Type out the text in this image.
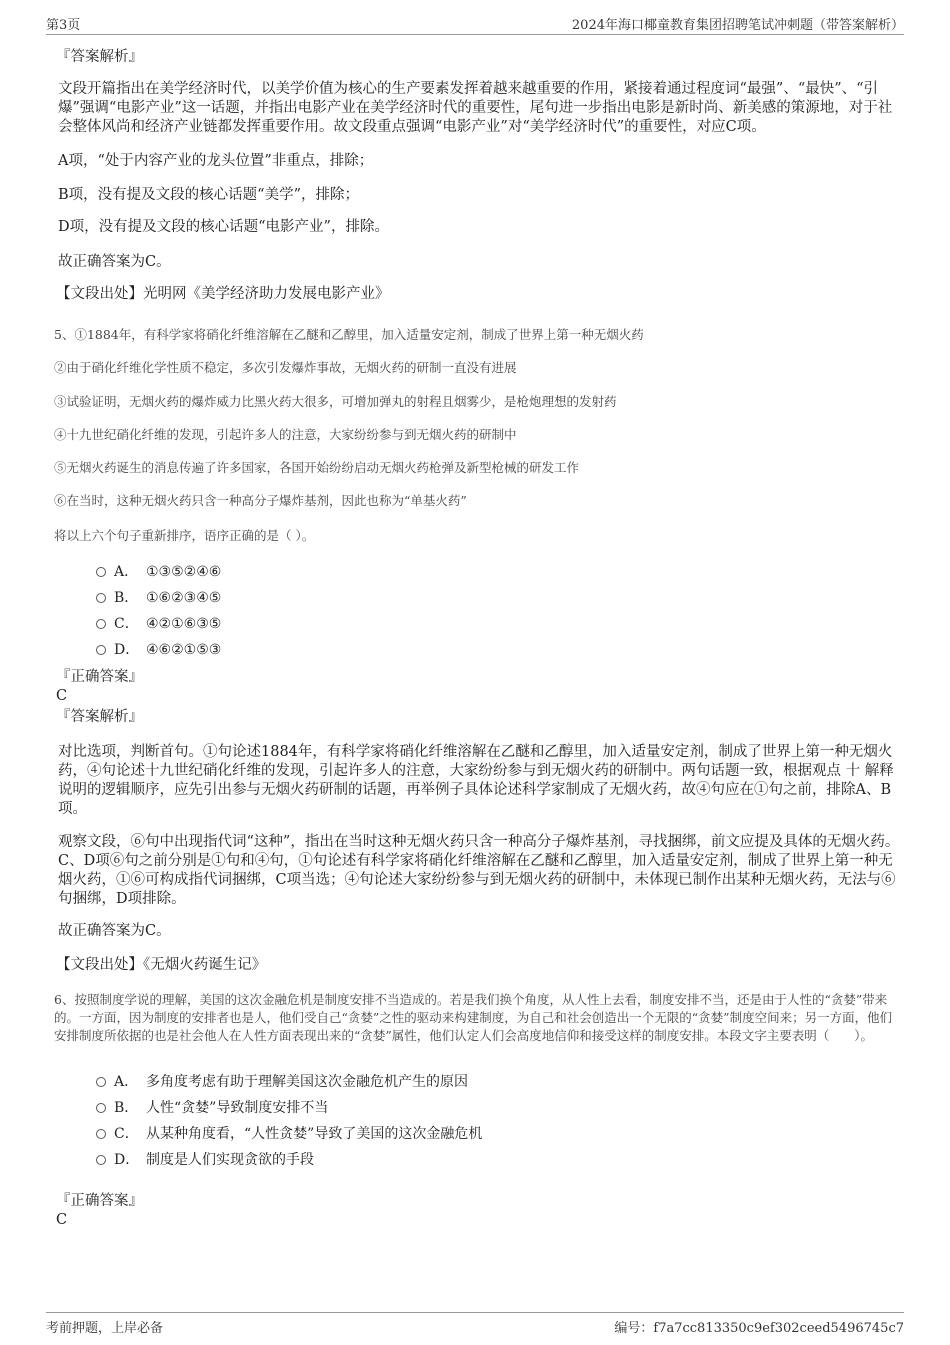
第3页	2024年海口椰童教育集团招聘笔试冲刺题（带答案解析）
『答案解析』
文段开篇指出在美学经济时代，以美学价值为核心的生产要素发挥着越来越重要的作用，紧接着通过程度词“最强”、“最快”、“引爆”强调“电影产业”这一话题，并指出电影产业在美学经济时代的重要性，尾句进一步指出电影是新时尚、新美感的策源地，对于社会整体风尚和经济产业链都发挥重要作用。故文段重点强调“电影产业”对“美学经济时代”的重要性，对应C项。
A项，“处于内容产业的龙头位置”非重点，排除；
B项，没有提及文段的核心话题“美学”，排除；
D项，没有提及文段的核心话题“电影产业”，排除。
故正确答案为C。
【文段出处】光明网《美学经济助力发展电影产业》
5、①1884年，有科学家将硝化纤维溶解在乙醚和乙醇里，加入适量安定剂，制成了世界上第一种无烟火药
②由于硝化纤维化学性质不稳定，多次引发爆炸事故，无烟火药的研制一直没有进展
③试验证明，无烟火药的爆炸威力比黑火药大很多，可增加弹丸的射程且烟雾少，是枪炮理想的发射药
④十九世纪硝化纤维的发现，引起许多人的注意，大家纷纷参与到无烟火药的研制中
⑤无烟火药诞生的消息传遍了许多国家，各国开始纷纷启动无烟火药枪弹及新型枪械的研发工作
⑥在当时，这种无烟火药只含一种高分子爆炸基剂，因此也称为“单基火药”
将以上六个句子重新排序，语序正确的是（ ）。
A． ①③⑤②④⑥
B． ①⑥②③④⑤
C． ④②①⑥③⑤
D． ④⑥②①⑤③
『正确答案』
C
『答案解析』
对比选项，判断首句。①句论述1884年，有科学家将硝化纤维溶解在乙醚和乙醇里，加入适量安定剂，制成了世界上第一种无烟火药，④句论述十九世纪硝化纤维的发现，引起许多人的注意，大家纷纷参与到无烟火药的研制中。两句话题一致，根据观点 十 解释说明的逻辑顺序，应先引出参与无烟火药研制的话题，再举例子具体论述科学家制成了无烟火药，故④句应在①句之前，排除A、B项。
观察文段，⑥句中出现指代词“这种”，指出在当时这种无烟火药只含一种高分子爆炸基剂，寻找捆绑，前文应提及具体的无烟火药。C、D项⑥句之前分别是①句和④句，①句论述有科学家将硝化纤维溶解在乙醚和乙醇里，加入适量安定剂，制成了世界上第一种无烟火药，①⑥可构成指代词捆绑，C项当选；④句论述大家纷纷参与到无烟火药的研制中，未体现已制作出某种无烟火药，无法与⑥句捆绑，D项排除。
故正确答案为C。
【文段出处】《无烟火药诞生记》
6、按照制度学说的理解，美国的这次金融危机是制度安排不当造成的。若是我们换个角度，从人性上去看，制度安排不当，还是由于人性的“贪婪”带来的。一方面，因为制度的安排者也是人，他们受自己“贪婪”之性的驱动来构建制度，为自己和社会创造出一个无限的“贪婪”制度空间来；另一方面，他们安排制度所依据的也是社会他人在人性方面表现出来的“贪婪”属性，他们认定人们会高度地信仰和接受这样的制度安排。本段文字主要表明（　　）。
A． 多角度考虑有助于理解美国这次金融危机产生的原因
B． 人性“贪婪”导致制度安排不当
C． 从某种角度看，“人性贪婪”导致了美国的这次金融危机
D． 制度是人们实现贪欲的手段
『正确答案』
C
考前押题，上岸必备	编号：f7a7cc813350c9ef302ceed5496745c7
